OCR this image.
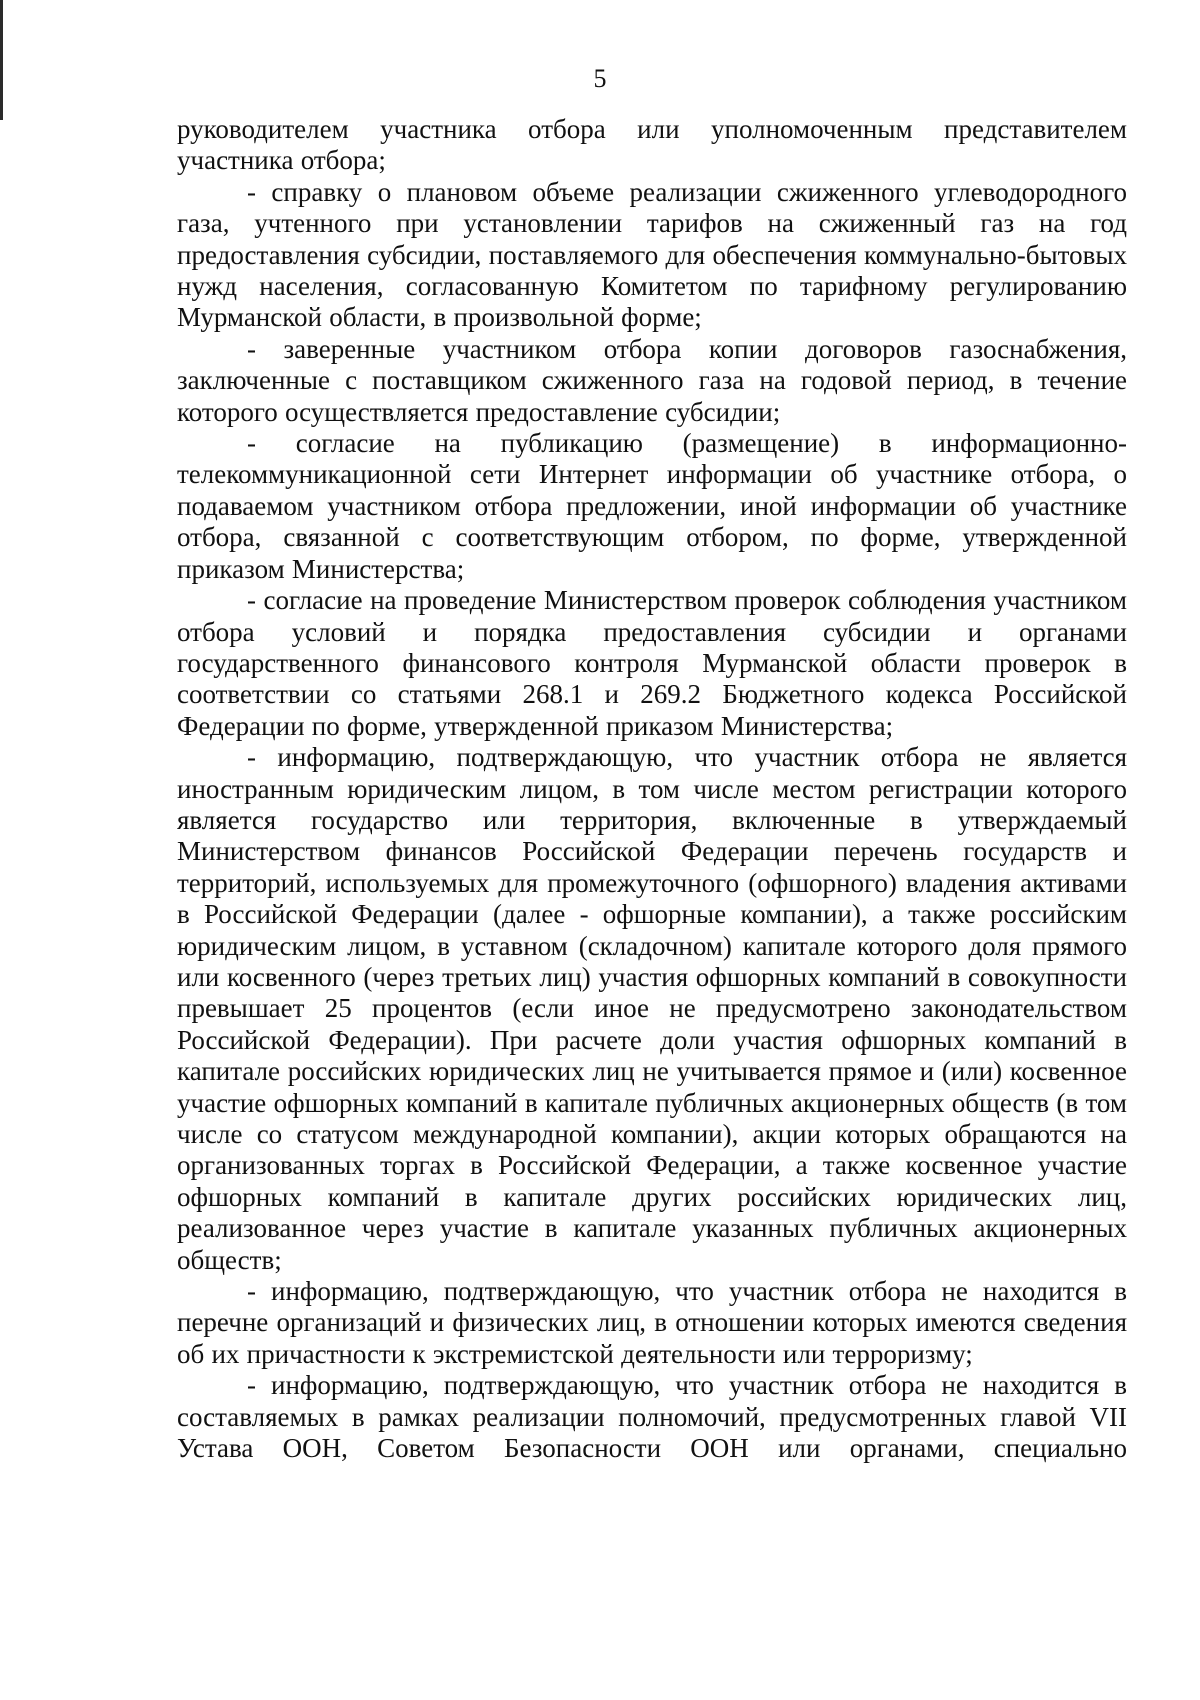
5

руководителем участника отбора или уполномоченным представителем участника отбора;

- справку о плановом объеме реализации сжиженного углеводородного газа, учтенного при установлении тарифов на сжиженный газ на год предоставления субсидии, поставляемого для обеспечения коммунально-бытовых нужд населения, согласованную Комитетом по тарифному регулированию Мурманской области, в произвольной форме;

- заверенные участником отбора копии договоров газоснабжения, заключенные с поставщиком сжиженного газа на годовой период, в течение которого осуществляется предоставление субсидии;

- согласие на публикацию (размещение) в информационно-телекоммуникационной сети Интернет информации об участнике отбора, о подаваемом участником отбора предложении, иной информации об участнике отбора, связанной с соответствующим отбором, по форме, утвержденной приказом Министерства;

- согласие на проведение Министерством проверок соблюдения участником отбора условий и порядка предоставления субсидии и органами государственного финансового контроля Мурманской области проверок в соответствии со статьями 268.1 и 269.2 Бюджетного кодекса Российской Федерации по форме, утвержденной приказом Министерства;

- информацию, подтверждающую, что участник отбора не является иностранным юридическим лицом, в том числе местом регистрации которого является государство или территория, включенные в утверждаемый Министерством финансов Российской Федерации перечень государств и территорий, используемых для промежуточного (офшорного) владения активами в Российской Федерации (далее - офшорные компании), а также российским юридическим лицом, в уставном (складочном) капитале которого доля прямого или косвенного (через третьих лиц) участия офшорных компаний в совокупности превышает 25 процентов (если иное не предусмотрено законодательством Российской Федерации). При расчете доли участия офшорных компаний в капитале российских юридических лиц не учитывается прямое и (или) косвенное участие офшорных компаний в капитале публичных акционерных обществ (в том числе со статусом международной компании), акции которых обращаются на организованных торгах в Российской Федерации, а также косвенное участие офшорных компаний в капитале других российских юридических лиц, реализованное через участие в капитале указанных публичных акционерных обществ;

- информацию, подтверждающую, что участник отбора не находится в перечне организаций и физических лиц, в отношении которых имеются сведения об их причастности к экстремистской деятельности или терроризму;

- информацию, подтверждающую, что участник отбора не находится в составляемых в рамках реализации полномочий, предусмотренных главой VII Устава ООН, Советом Безопасности ООН или органами, специально
